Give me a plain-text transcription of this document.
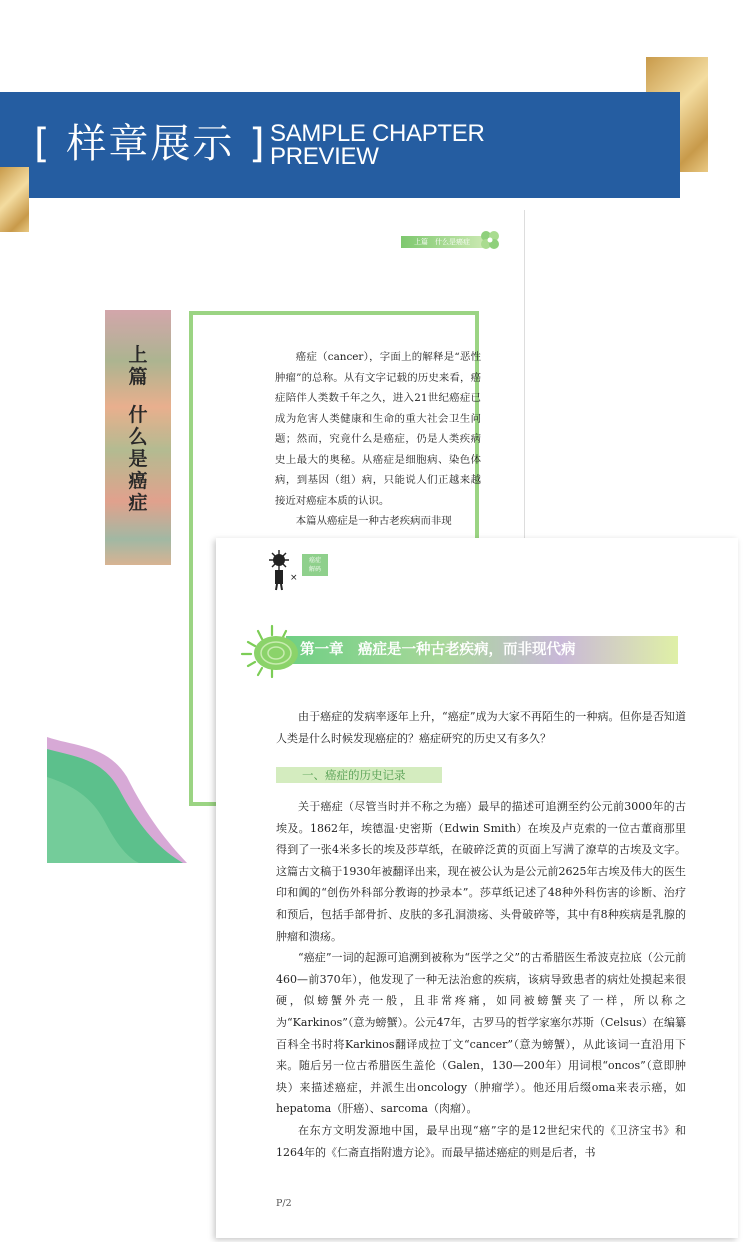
[ 样章展示 ] SAMPLE CHAPTER
PREVIEW
上篇　什么是癌症
上篇
什么是癌症

癌症（cancer），字面上的解释是“恶性肿瘤”的总称。从有文字记载的历史来看，癌症陪伴人类数千年之久，进入21世纪癌症已成为危害人类健康和生命的重大社会卫生问题；然而，究竟什么是癌症，仍是人类疾病史上最大的奥秘。从癌症是细胞病、染色体病，到基因（组）病，只能说人们正越来越接近对癌症本质的认识。

本篇从癌症是一种古老疾病而非现

×
癌症
解码
第一章　癌症是一种古老疾病，而非现代病

由于癌症的发病率逐年上升，“癌症”成为大家不再陌生的一种病。但你是否知道人类是什么时候发现癌症的？癌症研究的历史又有多久？

一、癌症的历史记录

关于癌症（尽管当时并不称之为癌）最早的描述可追溯至约公元前3000年的古埃及。1862年，埃德温·史密斯（Edwin Smith）在埃及卢克索的一位古董商那里得到了一张4米多长的埃及莎草纸，在破碎泛黄的页面上写满了潦草的古埃及文字。这篇古文稿于1930年被翻译出来，现在被公认为是公元前2625年古埃及伟大的医生印和阗的“创伤外科部分教诲的抄录本”。莎草纸记述了48种外科伤害的诊断、治疗和预后，包括手部骨折、皮肤的多孔洞溃疡、头骨破碎等，其中有8种疾病是乳腺的肿瘤和溃疡。

“癌症”一词的起源可追溯到被称为“医学之父”的古希腊医生希波克拉底（公元前460—前370年），他发现了一种无法治愈的疾病，该病导致患者的病灶处摸起来很硬，似螃蟹外壳一般，且非常疼痛，如同被螃蟹夹了一样，所以称之为“Karkinos”（意为螃蟹）。公元47年，古罗马的哲学家塞尔苏斯（Celsus）在编纂百科全书时将Karkinos翻译成拉丁文“cancer”（意为螃蟹），从此该词一直沿用下来。随后另一位古希腊医生盖伦（Galen，130—200年）用词根“oncos”（意即肿块）来描述癌症，并派生出oncology（肿瘤学）。他还用后缀oma来表示癌，如hepatoma（肝癌）、sarcoma（肉瘤）。

在东方文明发源地中国，最早出现“癌”字的是12世纪宋代的《卫济宝书》和1264年的《仁斋直指附遗方论》。而最早描述癌症的则是后者，书

P/2
